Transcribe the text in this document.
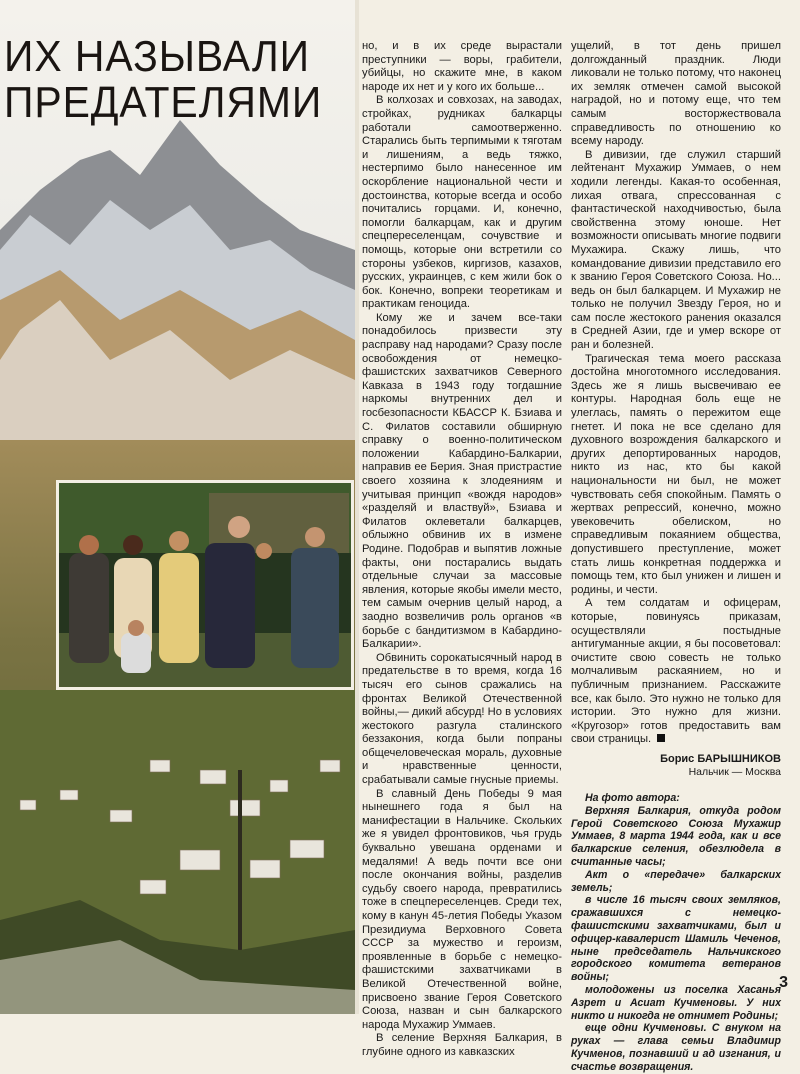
ИХ НАЗЫВАЛИ
ПРЕДАТЕЛЯМИ

но, и в их среде вырастали преступники — воры, грабители, убийцы, но скажите мне, в каком народе их нет и у кого их больше...

В колхозах и совхозах, на заводах, стройках, рудниках балкарцы работали самоотверженно. Старались быть терпимыми к тяготам и лишениям, а ведь тяжко, нестерпимо было нанесенное им оскорбление национальной чести и достоинства, которые всегда и особо почитались горцами. И, конечно, помогли балкарцам, как и другим спецпереселенцам, сочувствие и помощь, которые они встретили со стороны узбеков, киргизов, казахов, русских, украинцев, с кем жили бок о бок. Конечно, вопреки теоретикам и практикам геноцида.

Кому же и зачем все-таки понадобилось призвести эту расправу над народами? Сразу после освобождения от немецко-фашистских захватчиков Северного Кавказа в 1943 году тогдашние наркомы внутренних дел и госбезопасности КБАССР К. Бзиава и С. Филатов составили обширную справку о военно-политическом положении Кабардино-Балкарии, направив ее Берия. Зная пристрастие своего хозяина к злодеяниям и учитывая принцип «вождя народов» «разделяй и властвуй», Бзиава и Филатов оклеветали балкарцев, облыжно обвинив их в измене Родине. Подобрав и выпятив ложные факты, они постарались выдать отдельные случаи за массовые явления, которые якобы имели место, тем самым очернив целый народ, а заодно возвеличив роль органов «в борьбе с бандитизмом в Кабардино-Балкарии».

Обвинить сорокатысячный народ в предательстве в то время, когда 16 тысяч его сынов сражались на фронтах Великой Отечественной войны,— дикий абсурд! Но в условиях жестокого разгула сталинского беззакония, когда были попраны общечеловеческая мораль, духовные и нравственные ценности, срабатывали самые гнусные приемы.

В славный День Победы 9 мая нынешнего года я был на манифестации в Нальчике. Скольких же я увидел фронтовиков, чья грудь буквально увешана орденами и медалями! А ведь почти все они после окончания войны, разделив судьбу своего народа, превратились тоже в спецпереселенцев. Среди тех, кому в канун 45-летия Победы Указом Президиума Верховного Совета СССР за мужество и героизм, проявленные в борьбе с немецко-фашистскими захватчиками в Великой Отечественной войне, присвоено звание Героя Советского Союза, назван и сын балкарского народа Мухажир Уммаев.

В селение Верхняя Балкария, в глубине одного из кавказских

ущелий, в тот день пришел долгожданный праздник. Люди ликовали не только потому, что наконец их земляк отмечен самой высокой наградой, но и потому еще, что тем самым восторжествовала справедливость по отношению ко всему народу.

В дивизии, где служил старший лейтенант Мухажир Уммаев, о нем ходили легенды. Какая-то особенная, лихая отвага, спрессованная с фантастической находчивостью, была свойственна этому юноше. Нет возможности описывать многие подвиги Мухажира. Скажу лишь, что командование дивизии представило его к званию Героя Советского Союза. Но... ведь он был балкарцем. И Мухажир не только не получил Звезду Героя, но и сам после жестокого ранения оказался в Средней Азии, где и умер вскоре от ран и болезней.

Трагическая тема моего рассказа достойна многотомного исследования. Здесь же я лишь высвечиваю ее контуры. Народная боль еще не улеглась, память о пережитом еще гнетет. И пока не все сделано для духовного возрождения балкарского и других депортированных народов, никто из нас, кто бы какой национальности ни был, не может чувствовать себя спокойным. Память о жертвах репрессий, конечно, можно увековечить обелиском, но справедливым покаянием общества, допустившего преступление, может стать лишь конкретная поддержка и помощь тем, кто был унижен и лишен и родины, и чести.

А тем солдатам и офицерам, которые, повинуясь приказам, осуществляли постыдные антигуманные акции, я бы посоветовал: очистите свою совесть не только молчаливым раскаянием, но и публичным признанием. Расскажите все, как было. Это нужно не только для истории. Это нужно для жизни. «Кругозор» готов предоставить вам свои страницы.

Борис БАРЫШНИКОВ
Нальчик — Москва

На фото автора:

Верхняя Балкария, откуда родом Герой Советского Союза Мухажир Уммаев, 8 марта 1944 года, как и все балкарские селения, обезлюдела в считанные часы;

Акт о «передаче» балкарских земель;

в числе 16 тысяч своих земляков, сражавшихся с немецко-фашистскими захватчиками, был и офицер-кавалерист Шамиль Чеченов, ныне председатель Нальчикского городского комитета ветеранов войны;

молодожены из поселка Хасанья Азрет и Асиат Кучменовы. У них никто и никогда не отнимет Родины;

еще одни Кучменовы. С внуком на руках — глава семьи Владимир Кучменов, познавший и ад изгнания, и счастье возвращения.

3
